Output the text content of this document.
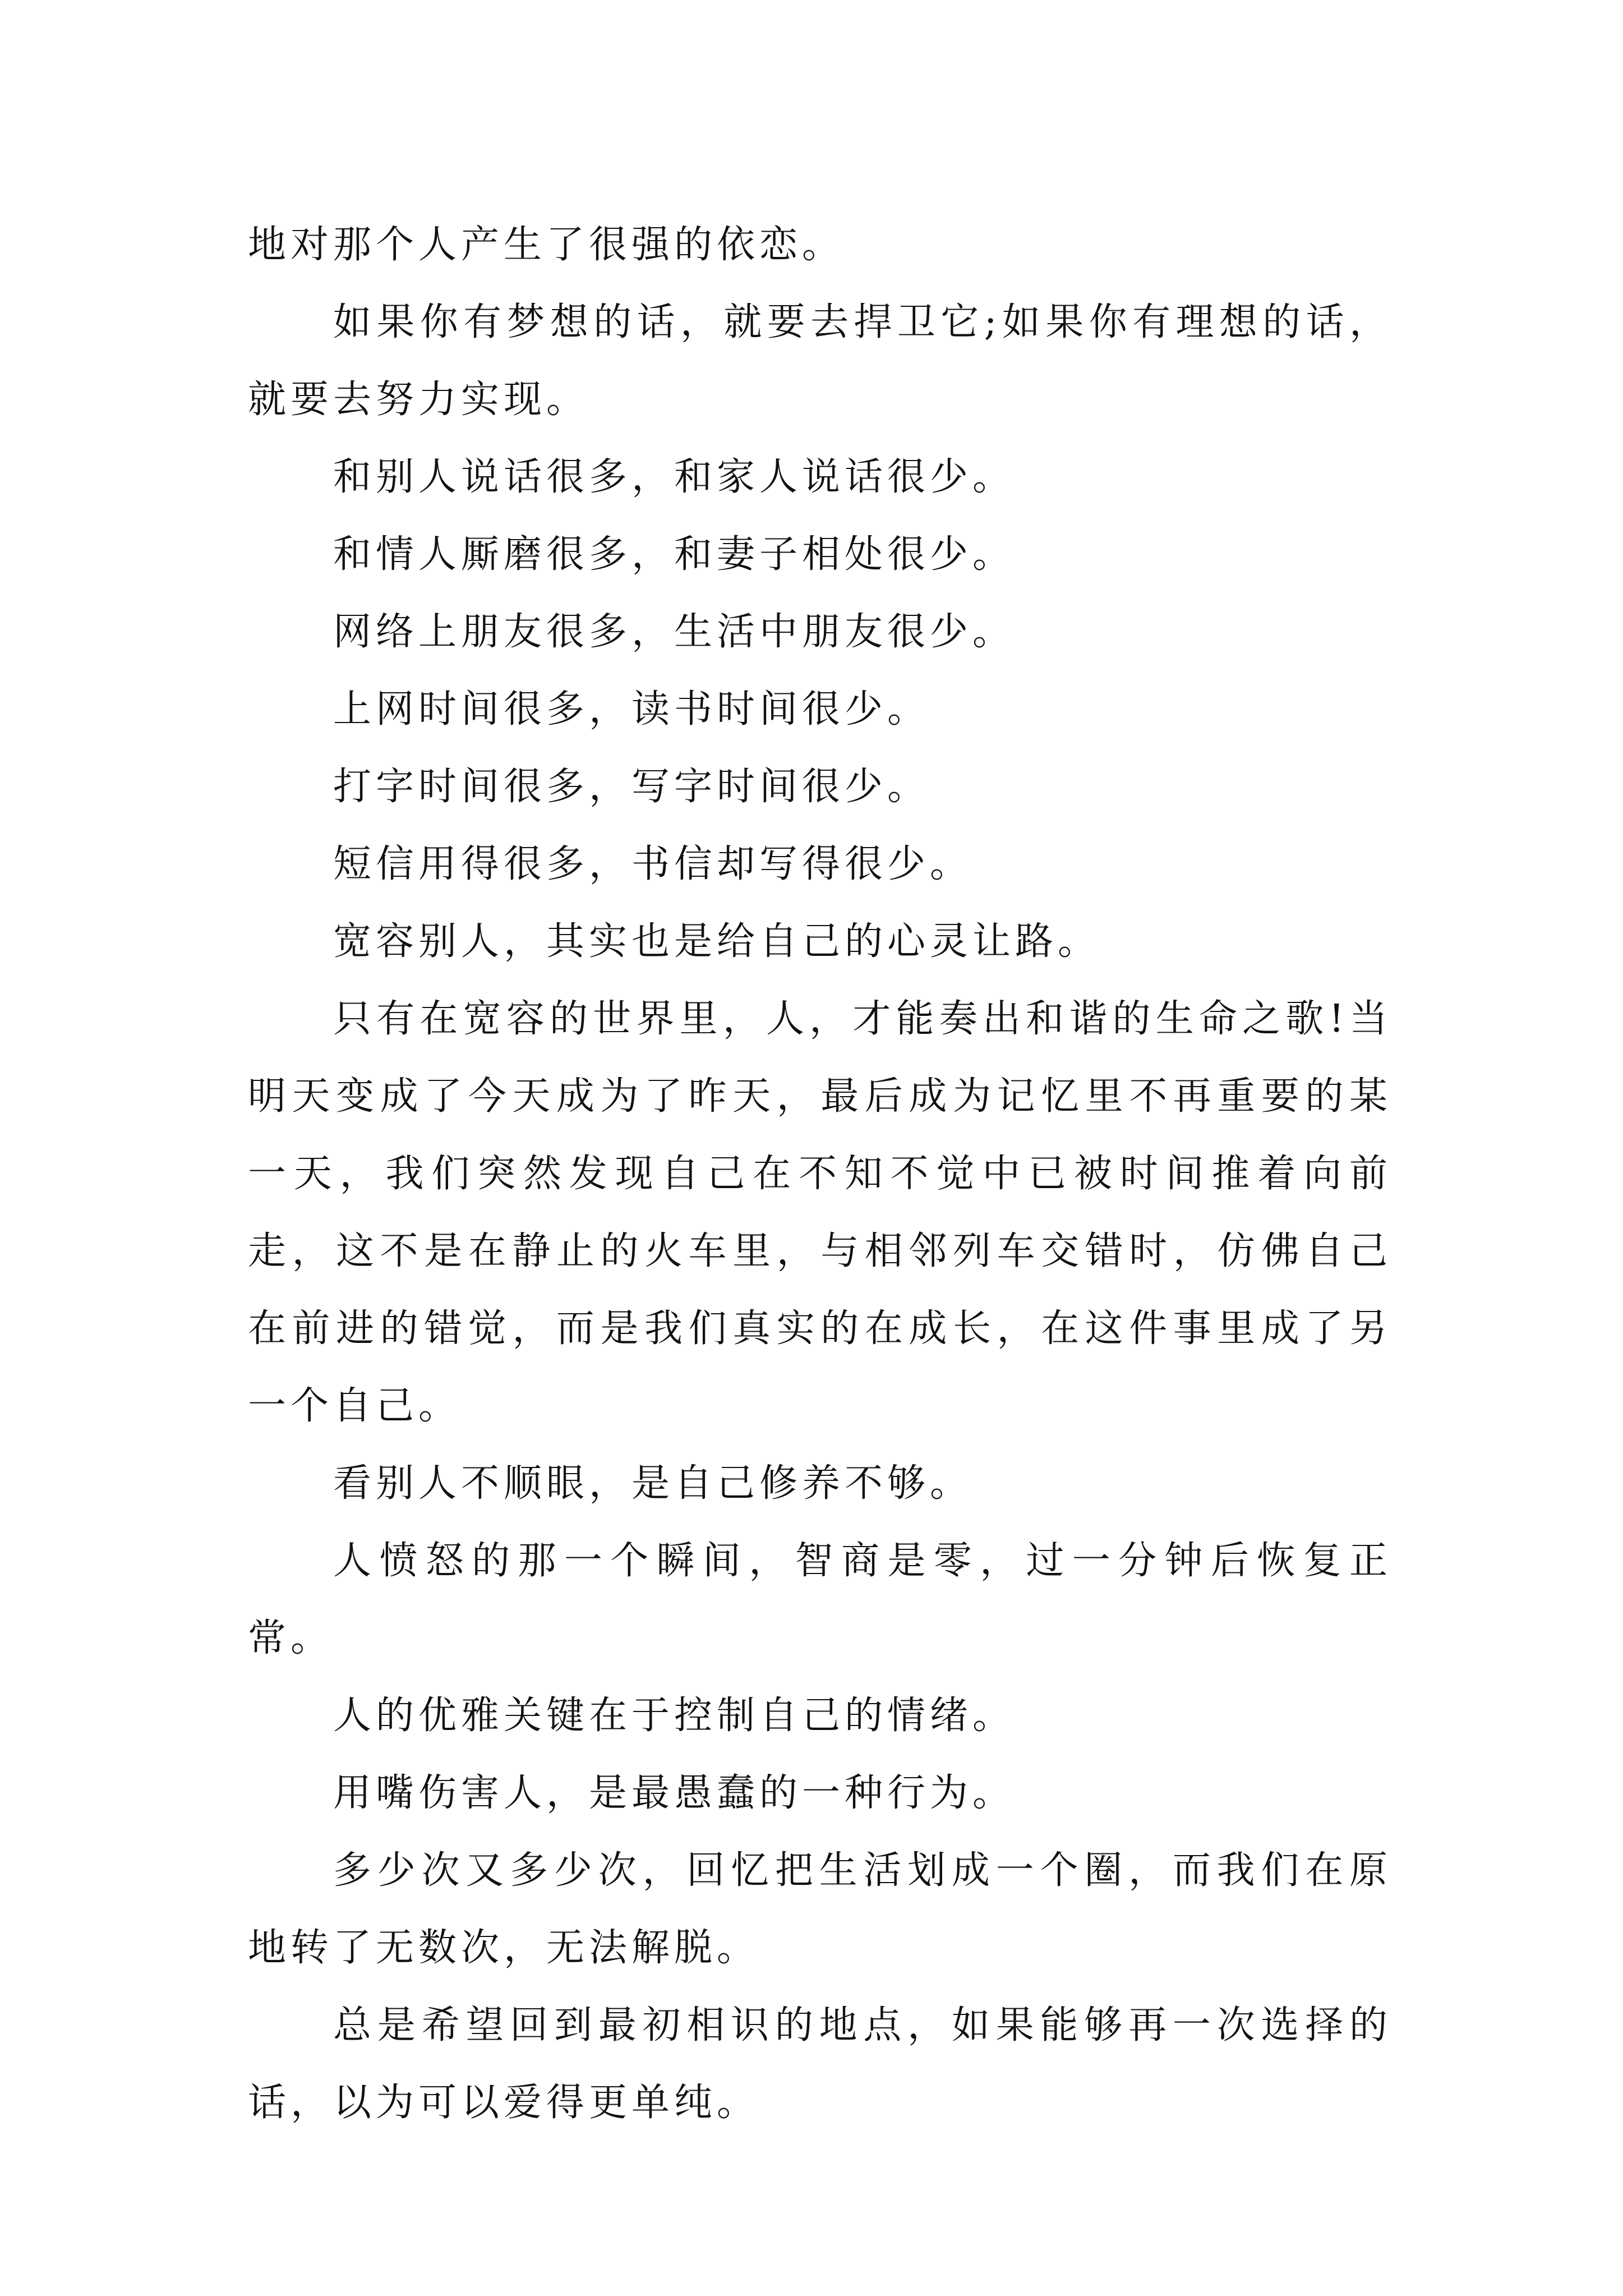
地对那个人产生了很强的依恋。

如果你有梦想的话，就要去捍卫它;如果你有理想的话，就要去努力实现。

和别人说话很多，和家人说话很少。

和情人厮磨很多，和妻子相处很少。

网络上朋友很多，生活中朋友很少。

上网时间很多，读书时间很少。

打字时间很多，写字时间很少。

短信用得很多，书信却写得很少。

宽容别人，其实也是给自己的心灵让路。

只有在宽容的世界里，人，才能奏出和谐的生命之歌!当明天变成了今天成为了昨天，最后成为记忆里不再重要的某一天，我们突然发现自己在不知不觉中已被时间推着向前走，这不是在静止的火车里，与相邻列车交错时，仿佛自己在前进的错觉，而是我们真实的在成长，在这件事里成了另一个自己。

看别人不顺眼，是自己修养不够。

人愤怒的那一个瞬间，智商是零，过一分钟后恢复正常。

人的优雅关键在于控制自己的情绪。

用嘴伤害人，是最愚蠢的一种行为。

多少次又多少次，回忆把生活划成一个圈，而我们在原地转了无数次，无法解脱。

总是希望回到最初相识的地点，如果能够再一次选择的话，以为可以爱得更单纯。
